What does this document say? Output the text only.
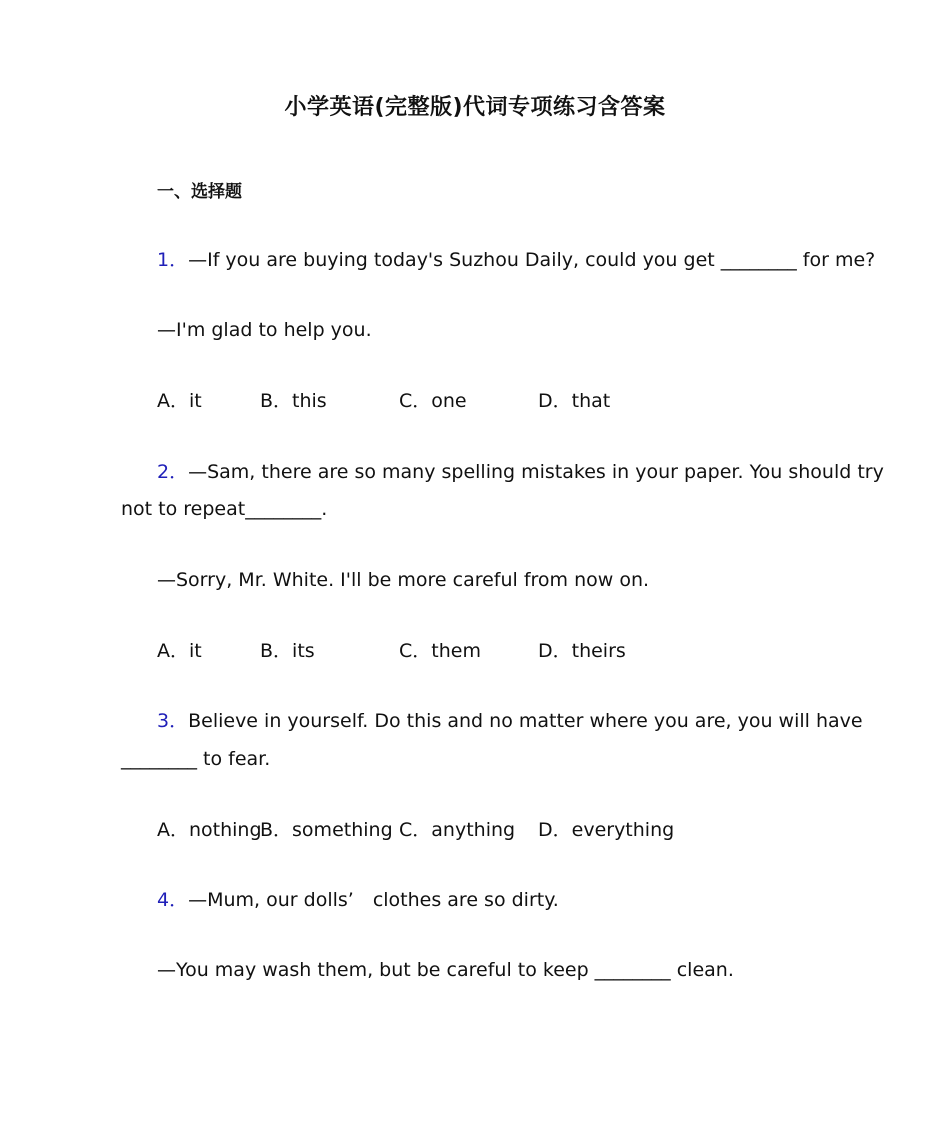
小学英语(完整版)代词专项练习含答案
一、选择题
1．—If you are buying today's Suzhou Daily, could you get ________ for me?
—I'm glad to help you.
A．it	B．this	C．one	D．that
2．—Sam, there are so many spelling mistakes in your paper. You should try
not to repeat________.
—Sorry, Mr. White. I'll be more careful from now on.
A．it	B．its	C．them	D．theirs
3．Believe in yourself. Do this and no matter where you are, you will have
________ to fear.
A．nothing
B．something C．anything D．everything
4．—Mum, our dolls’　clothes are so dirty.
—You may wash them, but be careful to keep ________ clean.
